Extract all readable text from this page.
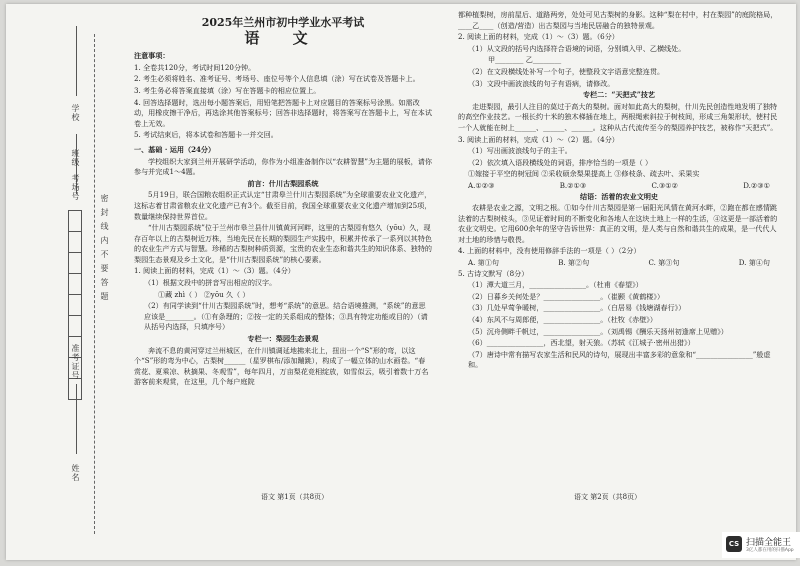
学校
班级
考场号
准考证号
姓名
密封线内不要答题

2025年兰州市初中学业水平考试

语 文

注意事项：

1. 全卷共120分，考试时间120分钟。

2. 考生必须将姓名、准考证号、考场号、座位号等个人信息填（涂）写在试卷及答题卡上。

3. 考生务必将答案直接填（涂）写在答题卡的相应位置上。

4. 回答选择题时，选出每小题答案后，用铅笔把答题卡上对应题目的答案标号涂黑。如需改动，用橡皮擦干净后，再选涂其他答案标号；回答非选择题时，将答案写在答题卡上，写在本试卷上无效。

5. 考试结束后，将本试卷和答题卡一并交回。

一、基础 · 运用（24分）

学校组织大家到兰州开展研学活动，你作为小组准备制作以“农耕智慧”为主题的展板，请你参与并完成1～4题。

前言：什川古梨园系统

5月19日，联合国粮农组织正式认定“甘肃皋兰什川古梨园系统”为全球重要农业文化遗产，这标志着甘肃省粮农业文化遗产已有3个。截至目前，我国全球重要农业文化遗产增加到25项，数量继续保持世界首位。

“什川古梨园系统”位于兰州市皋兰县什川镇黄河河畔，这里的古梨园有悠久（yōu）久，现存百年以上的古梨树近万株，当地先民在长期的梨园生产实践中，积累并传承了一系列以其特色的农业生产方式与智慧。珍稀的古梨树种质资源，宝贵的农业生态和谐共生的知识体系、独特的梨园生态景观及乡土文化，是“什川古梨园系统”的核心要素。

1. 阅读上面的材料，完成（1）～（3）题。（4分）

（1）根据文段中的拼音写出相应的汉字。

①藏 zhì（ ） ②yōu 久（ ）

（2）有同学读到“什川古梨园系统”时，想考“系统”的意思。结合语境推测，“系统”的意思应该是________。（①有条理的；②按一定的关系组成的整体；③具有特定功能或目的）（请从括号内选择，只填序号）

专栏一：梨园生态景观

奔流不息的黄河穿过兰州城区，在什川镇调延地拂来北上，扭出一个“S”形的弯，以这个“S”形的弯为中心，古梨树______（星罗棋布/添加蹦跳），构成了一幅立体的山水画卷。“春赏花、夏乘凉、秋摘果、冬观雪”，每年四月，万亩梨花竞相绽放，如雪似云，吸引着数十万名游客前来观赏，在这里，几个每户庭院

语文 第1页（共8页）

都种植梨树，房前屋后、道路两旁，处处可见古梨树的身影。这种“梨在村中，村在梨园”的庭院格局，____乙____（创造/营造）出古梨园与当地民居融合的独特景观。

2. 阅读上面的材料，完成（1）～（3）题。（6分）

（1）从文段的括号内选择符合语境的词语，分别填入甲、乙横线处。

甲________ 乙________

（2）在文段横线处补写一个句子，使整段文字语意完整连贯。

（3）文段中画波浪线的句子有语病，请修改。

专栏二：“天把式”技艺

走进梨园，最引人注目的莫过于高大的梨树。面对如此高大的梨树，什川先民创造性地发明了独特的高空作业技艺。一根长约十米的独木梯插在地上，两根绳索斜拉于树枝间，形成三角架形状，使村民一个人就能在树上______、______、______。这种从古代流传至今的梨园养护技艺，被称作“天把式”。

3. 阅读上面的材料，完成（1）～（2）题。（4分）

（1）写出画波浪线句子的主干。

（2）依次填入语段横线处的词语，排序恰当的一项是（ ）

①嫁接于平空的树冠间 ②采收硕余梨果提高上 ③修枝条、疏去叶、采果实

A.①②③	B.②①③	C.③①②	D.②③①

结语：活着的农业文明史

农耕是农业之源，文明之根。①如今什川古梨园是第一届阳光风情在黄河水畔，②跑在都在感情跳法着的古梨树枝头，③见证着时间的不断变化和各地人在这块土地上一样的生活，④这更是一部活着的农业文明史。它用600余年的坚守告诉世界：真正的文明，是人类与自然和谐共生的成果，是一代代人对土地的珍惜与敬畏。

4. 上面的材料中，没有使用修辞手法的一项是（ ）（2分）

A. 第①句	B. 第②句	C. 第③句	D. 第④句

5. 古诗文默写（8分）

（1）潭大道三月，________________。（杜甫《春望》）

（2）日暮乡关何处是？________________。（崔颢《黄鹤楼》）

（3）几处早莺争暖树，________________。（白居易《钱塘湖春行》）

（4）东风不与周郎便，________________。（杜牧《赤壁》）

（5）沉舟侧畔千帆过，________________。（刘禹锡《酬乐天扬州初逢席上见赠》）

（6）________________，西北望，射天狼。（苏轼《江城子·密州出猎》）

（7）唐诗中常有描写农家生活和民风的诗句，展现出丰富多彩的意象和“________________”般虚和。

语文 第2页（共8页）
CS 扫描全能王
3亿人都在用的扫描App
